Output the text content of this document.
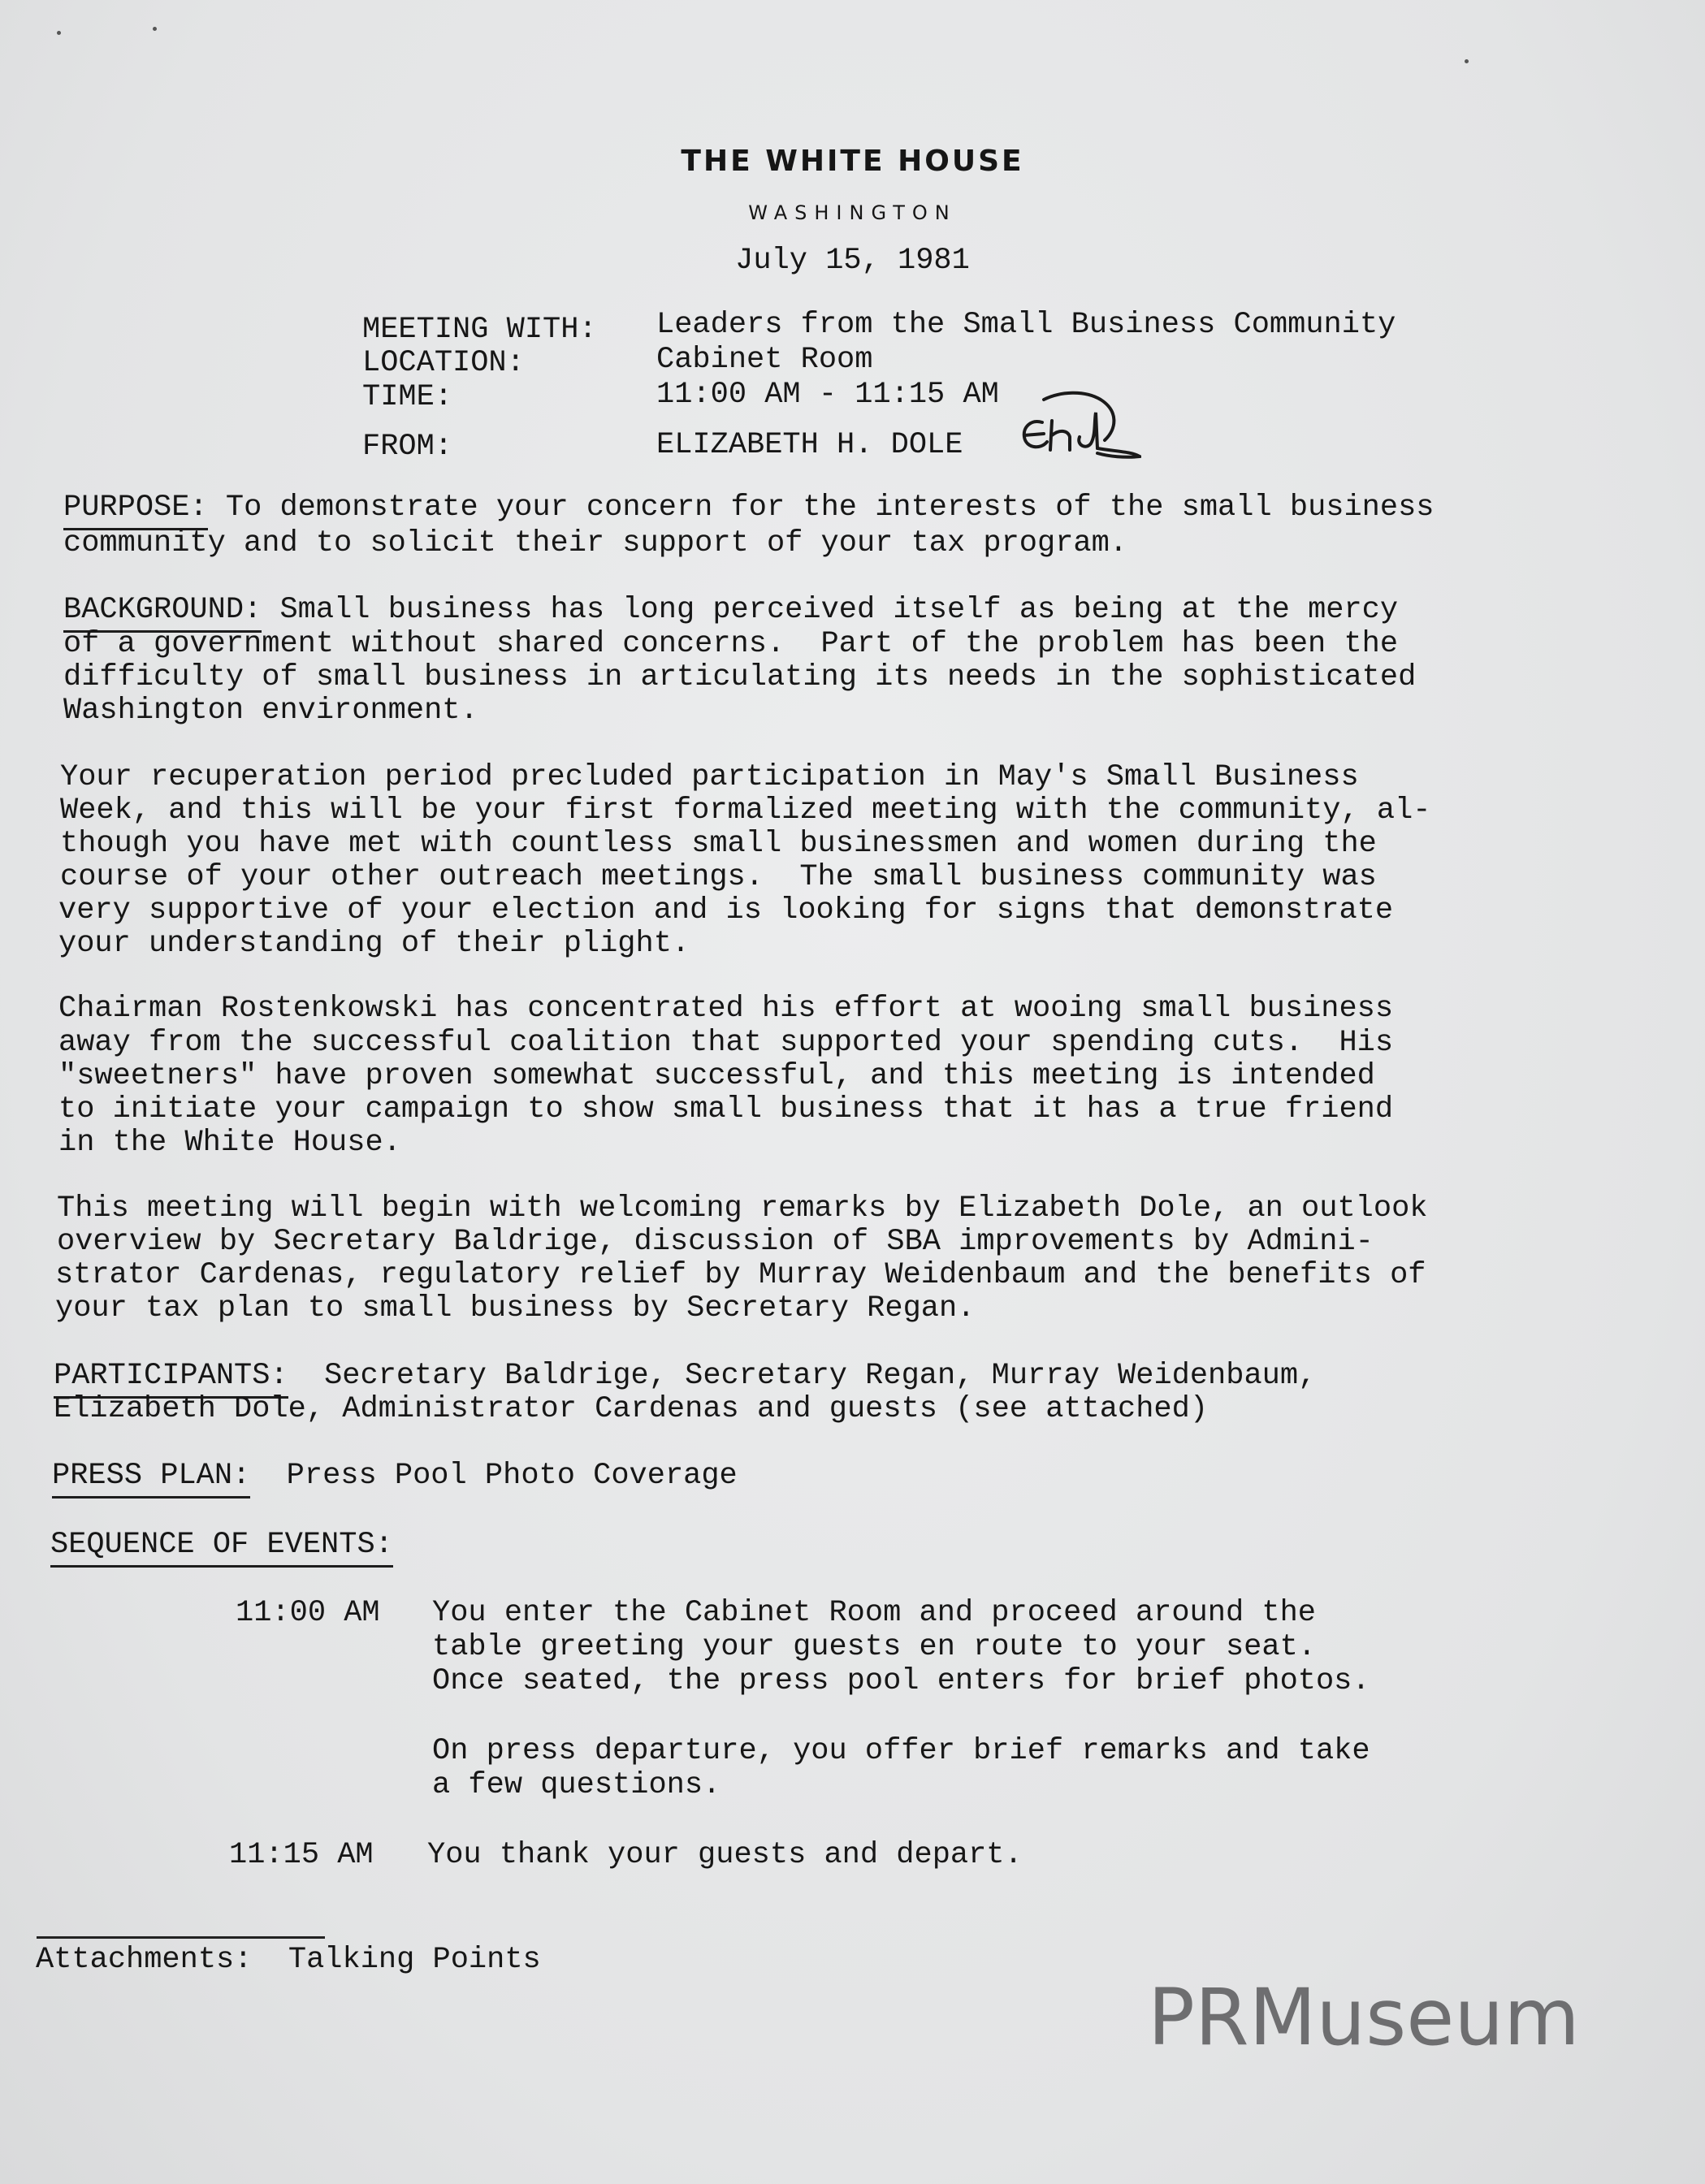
THE WHITE HOUSE
WASHINGTON
July 15, 1981
MEETING WITH: Leaders from the Small Business Community
LOCATION:	Cabinet Room
TIME:	11:00 AM - 11:15 AM
FROM:	ELIZABETH H. DOLE
PURPOSE: To demonstrate your concern for the interests of the small business
community and to solicit their support of your tax program.
BACKGROUND: Small business has long perceived itself as being at the mercy
of a government without shared concerns.  Part of the problem has been the
difficulty of small business in articulating its needs in the sophisticated
Washington environment.
Your recuperation period precluded participation in May's Small Business
Week, and this will be your first formalized meeting with the community, al-
though you have met with countless small businessmen and women during the
course of your other outreach meetings.  The small business community was
very supportive of your election and is looking for signs that demonstrate
your understanding of their plight.
Chairman Rostenkowski has concentrated his effort at wooing small business
away from the successful coalition that supported your spending cuts.  His
"sweetners" have proven somewhat successful, and this meeting is intended
to initiate your campaign to show small business that it has a true friend
in the White House.
This meeting will begin with welcoming remarks by Elizabeth Dole, an outlook
overview by Secretary Baldrige, discussion of SBA improvements by Admini-
strator Cardenas, regulatory relief by Murray Weidenbaum and the benefits of
your tax plan to small business by Secretary Regan.
PARTICIPANTS: Secretary Baldrige, Secretary Regan, Murray Weidenbaum,
Elizabeth Dole, Administrator Cardenas and guests (see attached)
PRESS PLAN: Press Pool Photo Coverage
SEQUENCE OF EVENTS:
11:00 AM You enter the Cabinet Room and proceed around the
table greeting your guests en route to your seat.
Once seated, the press pool enters for brief photos.
On press departure, you offer brief remarks and take
a few questions.
11:15 AM You thank your guests and depart.
Attachments: Talking Points
PRMuseum
